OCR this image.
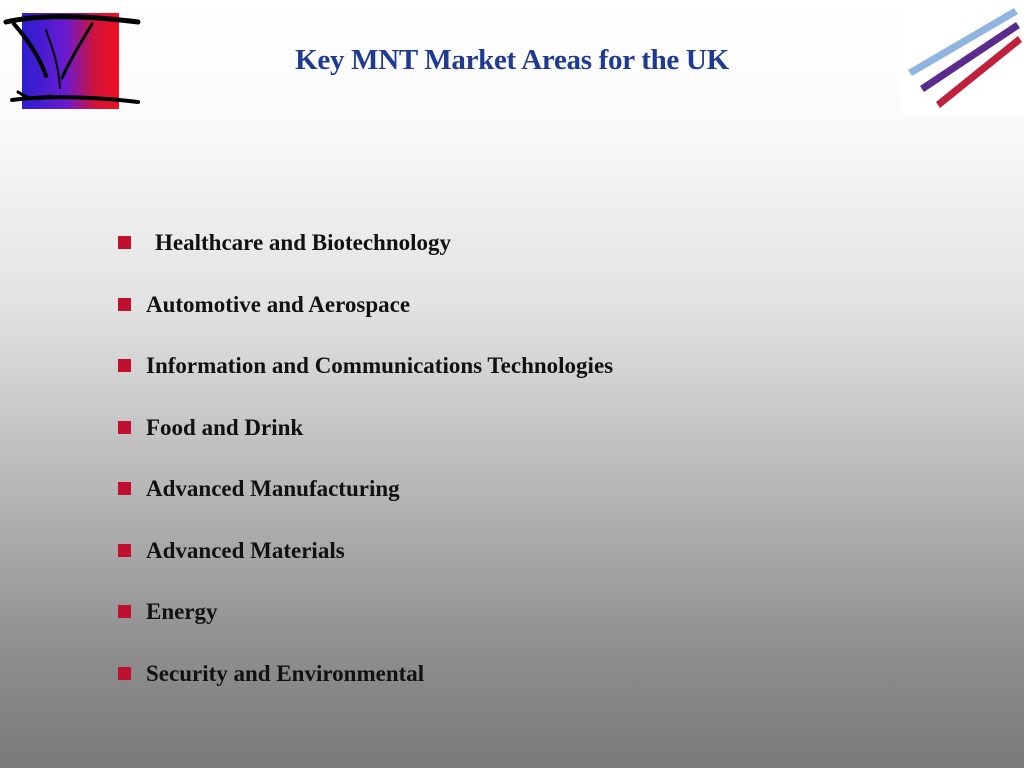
Key MNT Market Areas for the UK
Healthcare and Biotechnology
Automotive and Aerospace
Information and Communications Technologies
Food and Drink
Advanced Manufacturing
Advanced Materials
Energy
Security and Environmental
